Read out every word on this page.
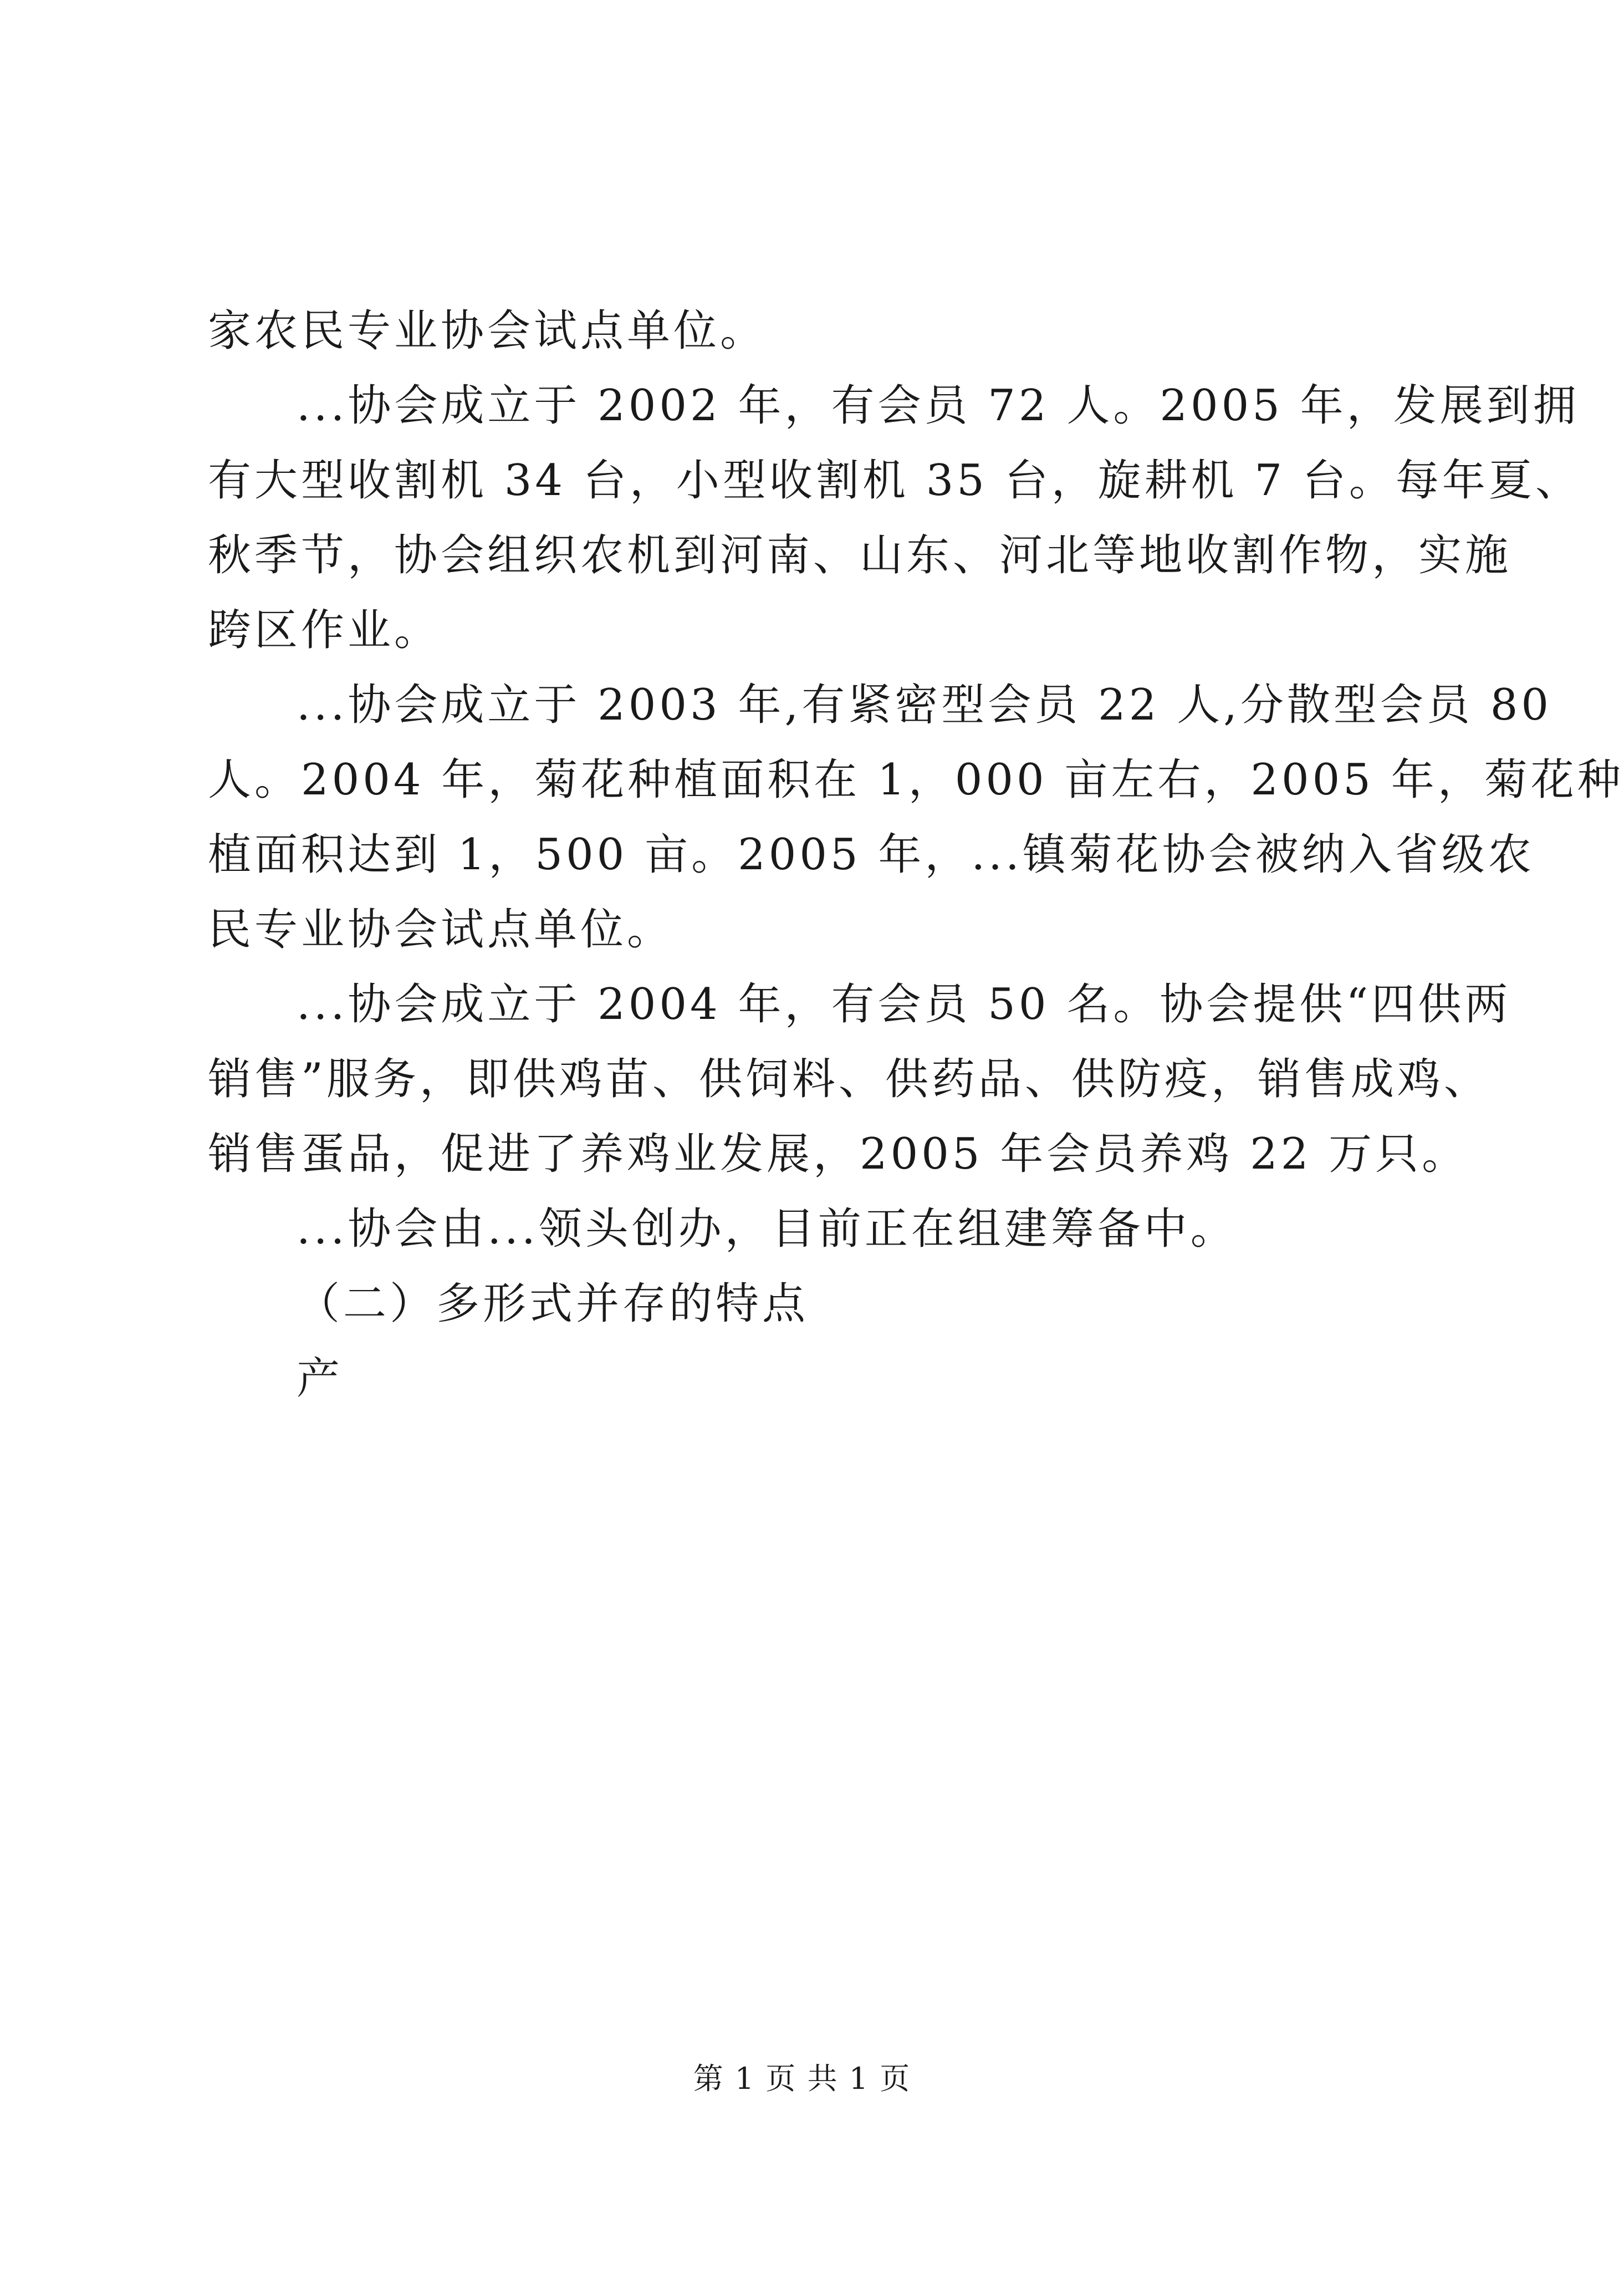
家农民专业协会试点单位。
...协会成立于 2002 年，有会员 72 人。2005 年，发展到拥
有大型收割机 34 台，小型收割机 35 台，旋耕机 7 台。每年夏、
秋季节，协会组织农机到河南、山东、河北等地收割作物，实施
跨区作业。
...协会成立于 2003 年,有紧密型会员 22 人,分散型会员 80
人。2004 年，菊花种植面积在 1，000 亩左右，2005 年，菊花种
植面积达到 1，500 亩。2005 年，...镇菊花协会被纳入省级农
民专业协会试点单位。
...协会成立于 2004 年，有会员 50 名。协会提供“四供两
销售”服务，即供鸡苗、供饲料、供药品、供防疫，销售成鸡、
销售蛋品，促进了养鸡业发展，2005 年会员养鸡 22 万只。
...协会由...领头创办，目前正在组建筹备中。
（二）多形式并存的特点
产
第 1 页 共 1 页
